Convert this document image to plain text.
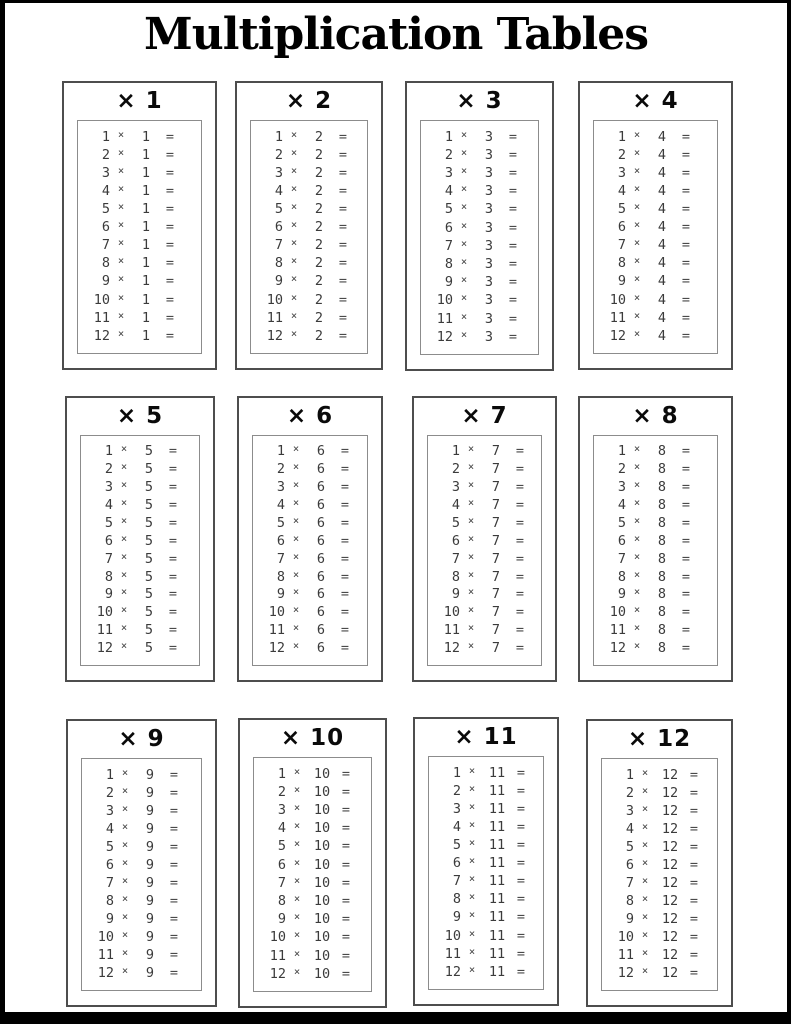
Multiplication Tables
× 1
1 ×	1	=
2 ×	1	=
3 ×	1	=
4 ×	1	=
5 ×	1	=
6 ×	1	=
7 ×	1	=
8 ×	1	=
9 ×	1	=
10 ×	1	=
11 ×	1	=
12 ×	1	=
× 2
1 ×	2	=
2 ×	2	=
3 ×	2	=
4 ×	2	=
5 ×	2	=
6 ×	2	=
7 ×	2	=
8 ×	2	=
9 ×	2	=
10 ×	2	=
11 ×	2	=
12 ×	2	=
× 3
1 ×	3	=
2 ×	3	=
3 ×	3	=
4 ×	3	=
5 ×	3	=
6 ×	3	=
7 ×	3	=
8 ×	3	=
9 ×	3	=
10 ×	3	=
11 ×	3	=
12 ×	3	=
× 4
1 ×	4	=
2 ×	4	=
3 ×	4	=
4 ×	4	=
5 ×	4	=
6 ×	4	=
7 ×	4	=
8 ×	4	=
9 ×	4	=
10 ×	4	=
11 ×	4	=
12 ×	4	=
× 5
1 ×	5	=
2 ×	5	=
3 ×	5	=
4 ×	5	=
5 ×	5	=
6 ×	5	=
7 ×	5	=
8 ×	5	=
9 ×	5	=
10 ×	5	=
11 ×	5	=
12 ×	5	=
× 6
1 ×	6	=
2 ×	6	=
3 ×	6	=
4 ×	6	=
5 ×	6	=
6 ×	6	=
7 ×	6	=
8 ×	6	=
9 ×	6	=
10 ×	6	=
11 ×	6	=
12 ×	6	=
× 7
1 ×	7	=
2 ×	7	=
3 ×	7	=
4 ×	7	=
5 ×	7	=
6 ×	7	=
7 ×	7	=
8 ×	7	=
9 ×	7	=
10 ×	7	=
11 ×	7	=
12 ×	7	=
× 8
1 ×	8	=
2 ×	8	=
3 ×	8	=
4 ×	8	=
5 ×	8	=
6 ×	8	=
7 ×	8	=
8 ×	8	=
9 ×	8	=
10 ×	8	=
11 ×	8	=
12 ×	8	=
× 9
1 ×	9	=
2 ×	9	=
3 ×	9	=
4 ×	9	=
5 ×	9	=
6 ×	9	=
7 ×	9	=
8 ×	9	=
9 ×	9	=
10 ×	9	=
11 ×	9	=
12 ×	9	=
× 10
1 ×	10 =
2 ×	10 =
3 ×	10 =
4 ×	10 =
5 ×	10 =
6 ×	10 =
7 ×	10 =
8 ×	10 =
9 ×	10 =
10 ×	10 =
11 ×	10 =
12 ×	10 =
× 11
1 ×	11 =
2 ×	11 =
3 ×	11 =
4 ×	11 =
5 ×	11 =
6 ×	11 =
7 ×	11 =
8 ×	11 =
9 ×	11 =
10 ×	11 =
11 ×	11 =
12 ×	11 =
× 12
1 ×	12 =
2 ×	12 =
3 ×	12 =
4 ×	12 =
5 ×	12 =
6 ×	12 =
7 ×	12 =
8 ×	12 =
9 ×	12 =
10 ×	12 =
11 ×	12 =
12 ×	12 =
